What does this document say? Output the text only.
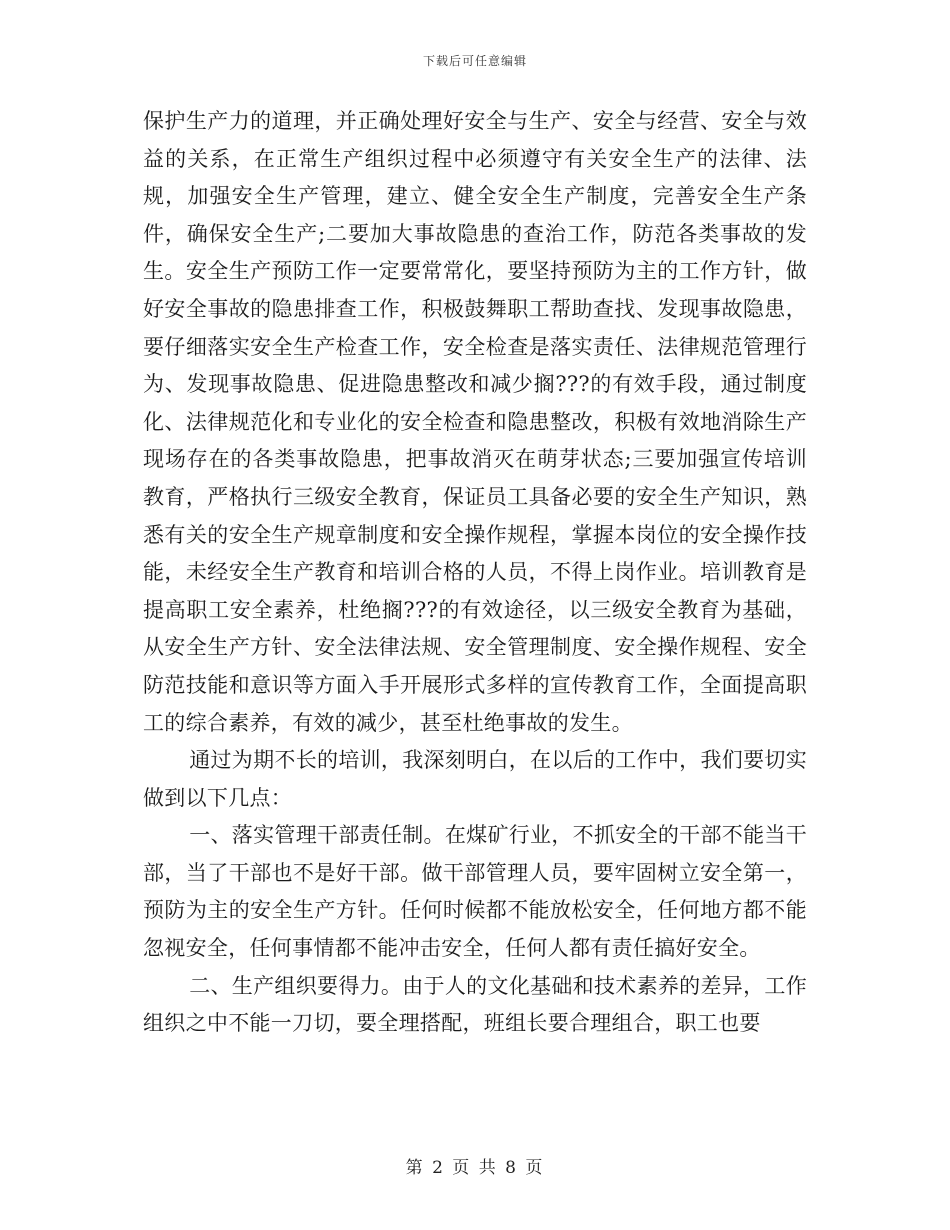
下载后可任意编辑

保护生产力的道理，并正确处理好安全与生产、安全与经营、安全与效益的关系，在正常生产组织过程中必须遵守有关安全生产的法律、法规，加强安全生产管理，建立、健全安全生产制度，完善安全生产条件，确保安全生产;二要加大事故隐患的查治工作，防范各类事故的发生。安全生产预防工作一定要常常化，要坚持预防为主的工作方针，做好安全事故的隐患排查工作，积极鼓舞职工帮助查找、发现事故隐患，要仔细落实安全生产检查工作，安全检查是落实责任、法律规范管理行为、发现事故隐患、促进隐患整改和减少搁???的有效手段，通过制度化、法律规范化和专业化的安全检查和隐患整改，积极有效地消除生产现场存在的各类事故隐患，把事故消灭在萌芽状态;三要加强宣传培训教育，严格执行三级安全教育，保证员工具备必要的安全生产知识，熟悉有关的安全生产规章制度和安全操作规程，掌握本岗位的安全操作技能，未经安全生产教育和培训合格的人员，不得上岗作业。培训教育是提高职工安全素养，杜绝搁???的有效途径，以三级安全教育为基础，从安全生产方针、安全法律法规、安全管理制度、安全操作规程、安全防范技能和意识等方面入手开展形式多样的宣传教育工作，全面提高职工的综合素养，有效的减少，甚至杜绝事故的发生。

通过为期不长的培训，我深刻明白，在以后的工作中，我们要切实做到以下几点：

一、落实管理干部责任制。在煤矿行业，不抓安全的干部不能当干部，当了干部也不是好干部。做干部管理人员，要牢固树立安全第一，预防为主的安全生产方针。任何时候都不能放松安全，任何地方都不能忽视安全，任何事情都不能冲击安全，任何人都有责任搞好安全。

二、生产组织要得力。由于人的文化基础和技术素养的差异，工作组织之中不能一刀切，要全理搭配，班组长要合理组合，职工也要

第 2 页 共 8 页
